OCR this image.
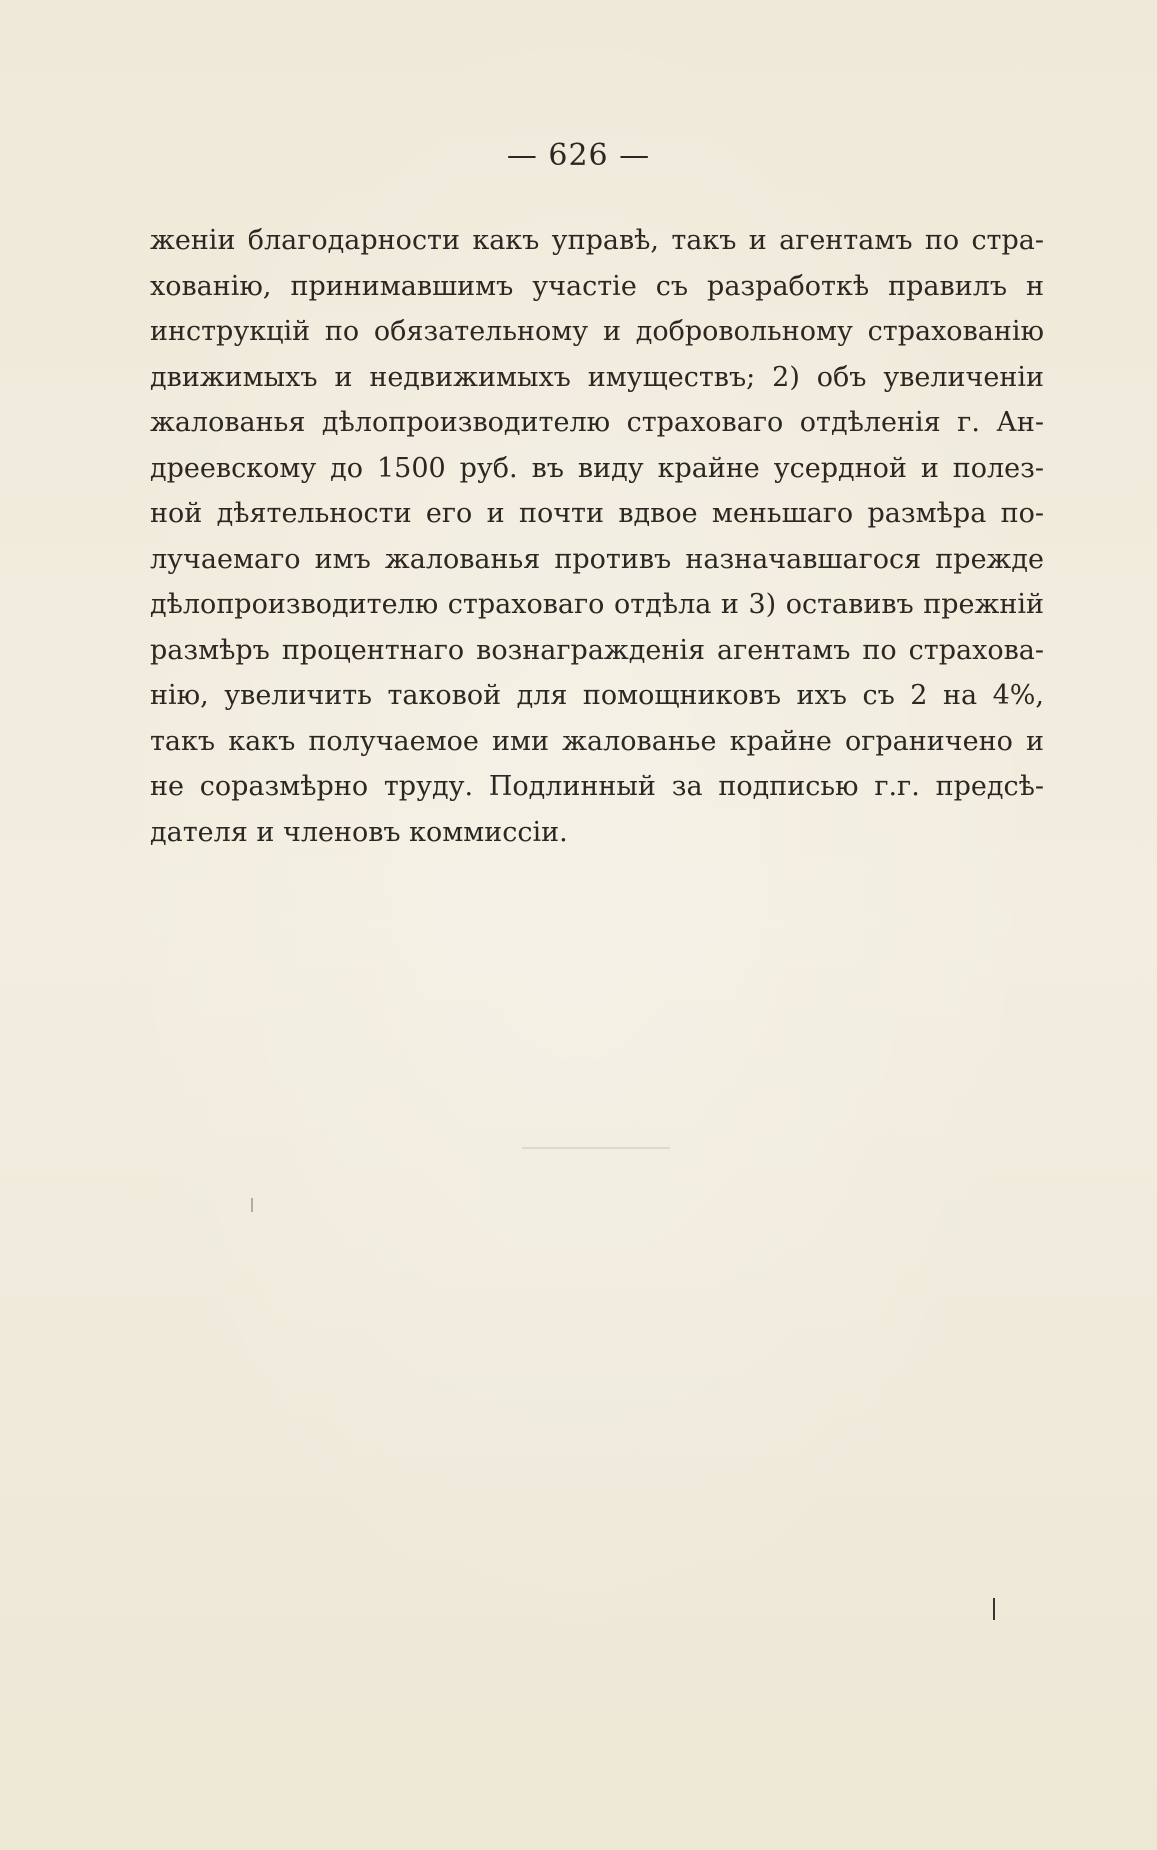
— 626 —
женіи благодарности какъ управѣ, такъ и агентамъ по стра-
хованію, принимавшимъ участіе съ разработкѣ правилъ н
инструкцій по обязательному и добровольному страхованію
движимыхъ и недвижимыхъ имуществъ; 2) объ увеличеніи
жалованья дѣлопроизводителю страховаго отдѣленія г. Ан-
дреевскому до 1500 руб. въ виду крайне усердной и полез-
ной дѣятельности его и почти вдвое меньшаго размѣра по-
лучаемаго имъ жалованья противъ назначавшагося прежде
дѣлопроизводителю страховаго отдѣла и 3) оставивъ прежній
размѣръ процентнаго вознагражденія агентамъ по страхова-
нію, увеличить таковой для помощниковъ ихъ съ 2 на 4%,
такъ какъ получаемое ими жалованье крайне ограничено и
не соразмѣрно труду. Подлинный за подписью г.г. предсѣ-
дателя и членовъ коммиссіи.
